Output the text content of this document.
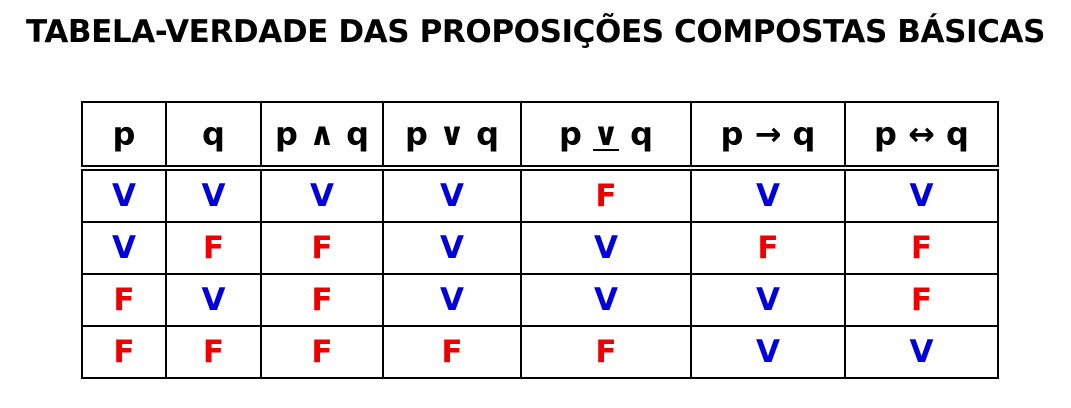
TABELA-VERDADE DAS PROPOSIÇÕES COMPOSTAS BÁSICAS
p	q	p ∧ q	p ∨ q	p ∨ q	p → q	p ↔ q
V	V	V	V	F	V	V
V	F	F	V	V	F	F
F	V	F	V	V	V	F
F	F	F	F	F	V	V
